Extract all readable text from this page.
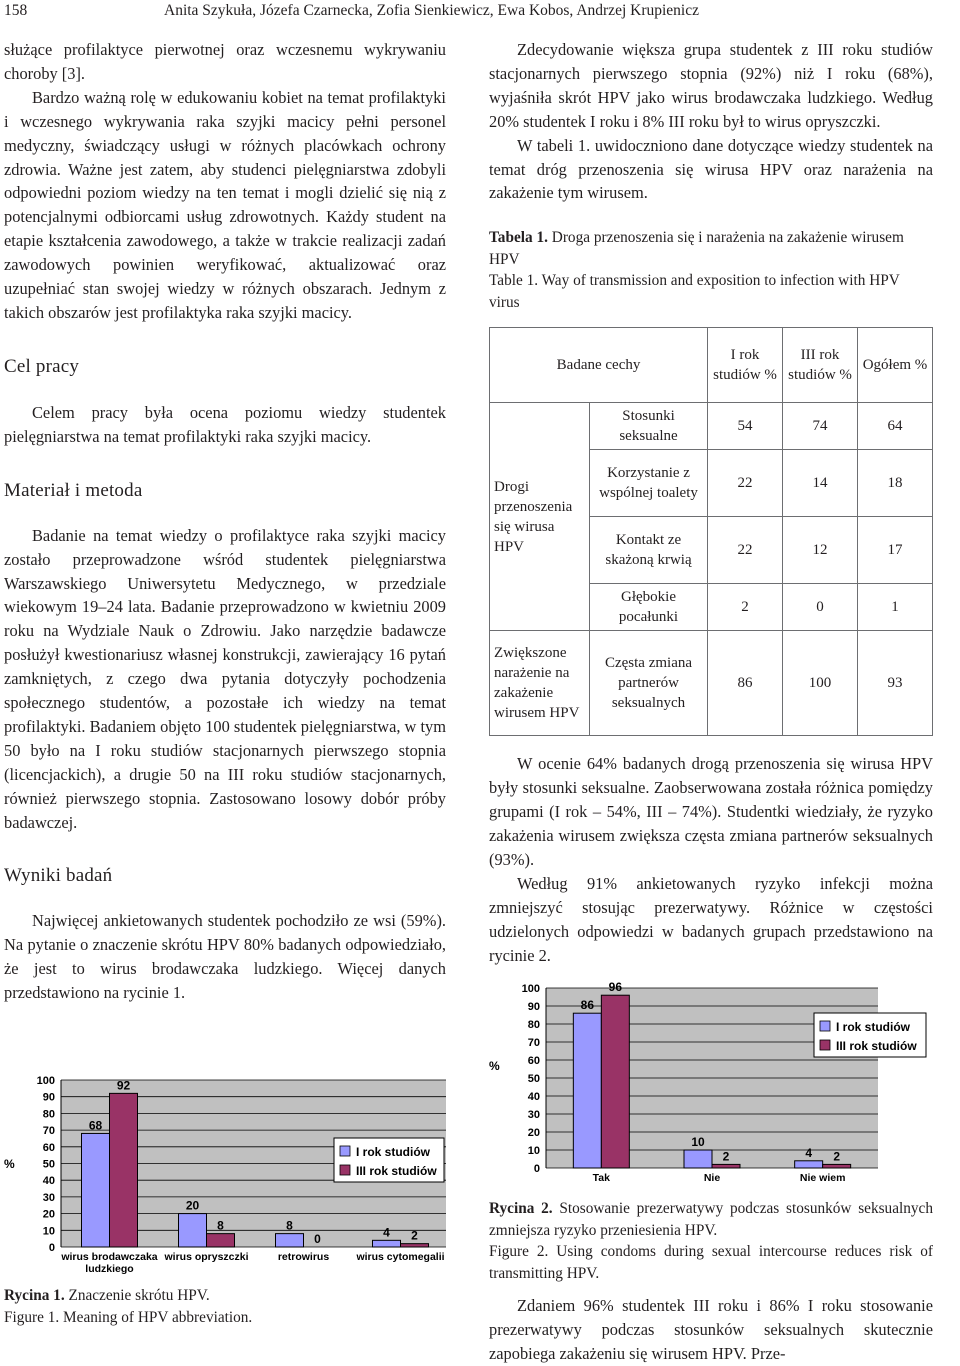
158	Anita Szykuła, Józefa Czarnecka, Zofia Sienkiewicz, Ewa Kobos, Andrzej Krupienicz

służące profilaktyce pierwotnej oraz wczesnemu wykrywaniu choroby [3].

Bardzo ważną rolę w edukowaniu kobiet na temat profilaktyki i wczesnego wykrywania raka szyjki macicy pełni personel medyczny, świadczący usługi w różnych placówkach ochrony zdrowia. Ważne jest zatem, aby studenci pielęgniarstwa zdobyli odpowiedni poziom wiedzy na ten temat i mogli dzielić się nią z potencjalnymi odbiorcami usług zdrowotnych. Każdy student na etapie kształcenia zawodowego, a także w trakcie realizacji zadań zawodowych powinien weryfikować, aktualizować oraz uzupełniać stan swojej wiedzy w różnych obszarach. Jednym z takich obszarów jest profilaktyka raka szyjki macicy.

Cel pracy

Celem pracy była ocena poziomu wiedzy studentek pielęgniarstwa na temat profilaktyki raka szyjki macicy.

Materiał i metoda

Badanie na temat wiedzy o profilaktyce raka szyjki macicy zostało przeprowadzone wśród studentek pielęgniarstwa Warszawskiego Uniwersytetu Medycznego, w przedziale wiekowym 19–24 lata. Badanie przeprowadzono w kwietniu 2009 roku na Wydziale Nauk o Zdrowiu. Jako narzędzie badawcze posłużył kwestionariusz własnej konstrukcji, zawierający 16 pytań zamkniętych, z czego dwa pytania dotyczyły pochodzenia społecznego studentów, a pozostałe ich wiedzy na temat profilaktyki. Badaniem objęto 100 studentek pielęgniarstwa, w tym 50 było na I roku studiów stacjonarnych pierwszego stopnia (licencjackich), a drugie 50 na III roku studiów stacjonarnych, również pierwszego stopnia. Zastosowano losowy dobór próby badawczej.

Wyniki badań

Najwięcej ankietowanych studentek pochodziło ze wsi (59%). Na pytanie o znaczenie skrótu HPV 80% badanych odpowiedziało, że jest to wirus brodawczaka ludzkiego. Więcej danych przedstawiono na rycinie 1.

0
10
20
30
40
50
60
70
80
90
100
%
68
92
wirus brodawczaka
ludzkiego
20
8
wirus opryszczki
8
0
retrowirus
4 2
wirus cytomegalii
I rok studiów
III rok studiów

Rycina 1. Znaczenie skrótu HPV.

Figure 1. Meaning of HPV abbreviation.

Zdecydowanie większa grupa studentek z III roku studiów stacjonarnych pierwszego stopnia (92%) niż I roku (68%), wyjaśniła skrót HPV jako wirus brodawczaka ludzkiego. Według 20% studentek I roku i 8% III roku był to wirus opryszczki.

W tabeli 1. uwidoczniono dane dotyczące wiedzy studentek na temat dróg przenoszenia się wirusa HPV oraz narażenia na zakażenie tym wirusem.

Tabela 1. Droga przenoszenia się i narażenia na zakażenie wirusem HPV

Table 1. Way of transmission and exposition to infection with HPV virus

Badane cechy		I rok studiów %	III rok studiów %	Ogółem %
Drogi przenoszenia się wirusa HPV	Stosunki seksualne	54	74	64
	Korzystanie z wspólnej toalety	22	14	18
	Kontakt ze skażoną krwią	22	12	17
	Głębokie pocałunki	2	0	1
Zwiększone narażenie na zakażenie wirusem HPV	Częsta zmiana partnerów seksualnych	86	100	93

W ocenie 64% badanych drogą przenoszenia się wirusa HPV były stosunki seksualne. Zaobserwowana została różnica pomiędzy grupami (I rok – 54%, III – 74%). Studentki wiedziały, że ryzyko zakażenia wirusem zwiększa częsta zmiana partnerów seksualnych (93%).

Według 91% ankietowanych ryzyko infekcji można zmniejszyć stosując prezerwatywy. Różnice w częstości udzielonych odpowiedzi w badanych grupach przedstawiono na rycinie 2.

0
10
20
30
40
50
60
70
80
90
100
%
86
96
Tak
10
2
Nie
4 2
Nie wiem
I rok studiów
III rok studiów

Rycina 2. Stosowanie prezerwatywy podczas stosunków seksualnych zmniejsza ryzyko przeniesienia HPV.

Figure 2. Using condoms during sexual intercourse reduces risk of transmitting HPV.

Zdaniem 96% studentek III roku i 86% I roku stosowanie prezerwatywy podczas stosunków seksualnych skutecznie zapobiega zakażeniu się wirusem HPV. Prze-
